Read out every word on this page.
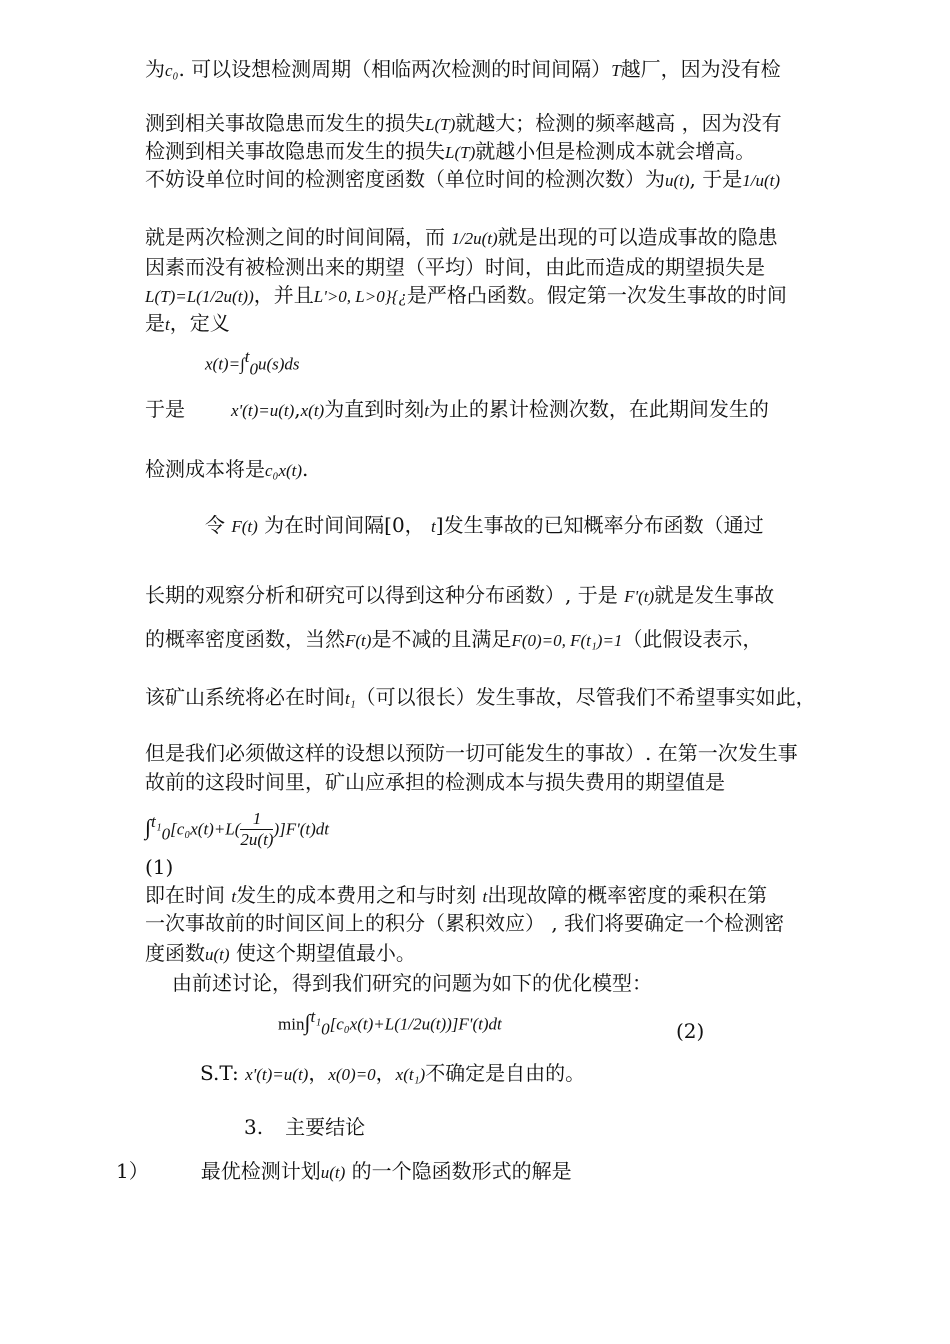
为c₀. 可以设想检测周期（相临两次检测的时间间隔）T越厂，因为没有检
测到相关事故隐患而发生的损失L(T)就越大；检测的频率越高 ，因为没有
检测到相关事故隐患而发生的损失L(T)就越小但是检测成本就会增高。
不妨设单位时间的检测密度函数（单位时间的检测次数）为u(t), 于是1/u(t)
就是两次检测之间的时间间隔，而 1/2u(t)就是出现的可以造成事故的隐患
因素而没有被检测出来的期望（平均）时间，由此而造成的期望损失是
L(T)=L(1/2u(t))，并且L'>0, L>0}{¿是严格凸函数。假定第一次发生事故的时间
是t，定义
x(t)=∫$^t_0$u(s)ds
于是	x'(t)=u(t),x(t)为直到时刻t为止的累计检测次数，在此期间发生的
检测成本将是c₀x(t).
令 F(t) 为在时间间隔[0， t]发生事故的已知概率分布函数（通过
长期的观察分析和研究可以得到这种分布函数）, 于是 F'(t)就是发生事故
的概率密度函数，当然F(t)是不减的且满足F(0)=0, F(t₁)=1（此假设表示，
该矿山系统将必在时间t₁（可以很长）发生事故，尽管我们不希望事实如此，
但是我们必须做这样的设想以预防一切可能发生的事故）. 在第一次发生事
故前的这段时间里，矿山应承担的检测成本与损失费用的期望值是
$\int^{t_1}_0[c_0x(t)+L( \frac{1}{2u(t)} )]F'(t)dt$
(1)
即在时间 t发生的成本费用之和与时刻 t出现故障的概率密度的乘积在第
一次事故前的时间区间上的积分（累积效应） , 我们将要确定一个检测密
度函数u(t) 使这个期望值最小。
由前述讨论，得到我们研究的问题为如下的优化模型：
min∫$^{t_1}_0$[c₀x(t)+L(1/2u(t))]F'(t)dt	(2)
S.T: x'(t)=u(t)，x(0)=0，x(t₁)不确定是自由的。
3. 主要结论
1）	最优检测计划u(t) 的一个隐函数形式的解是
